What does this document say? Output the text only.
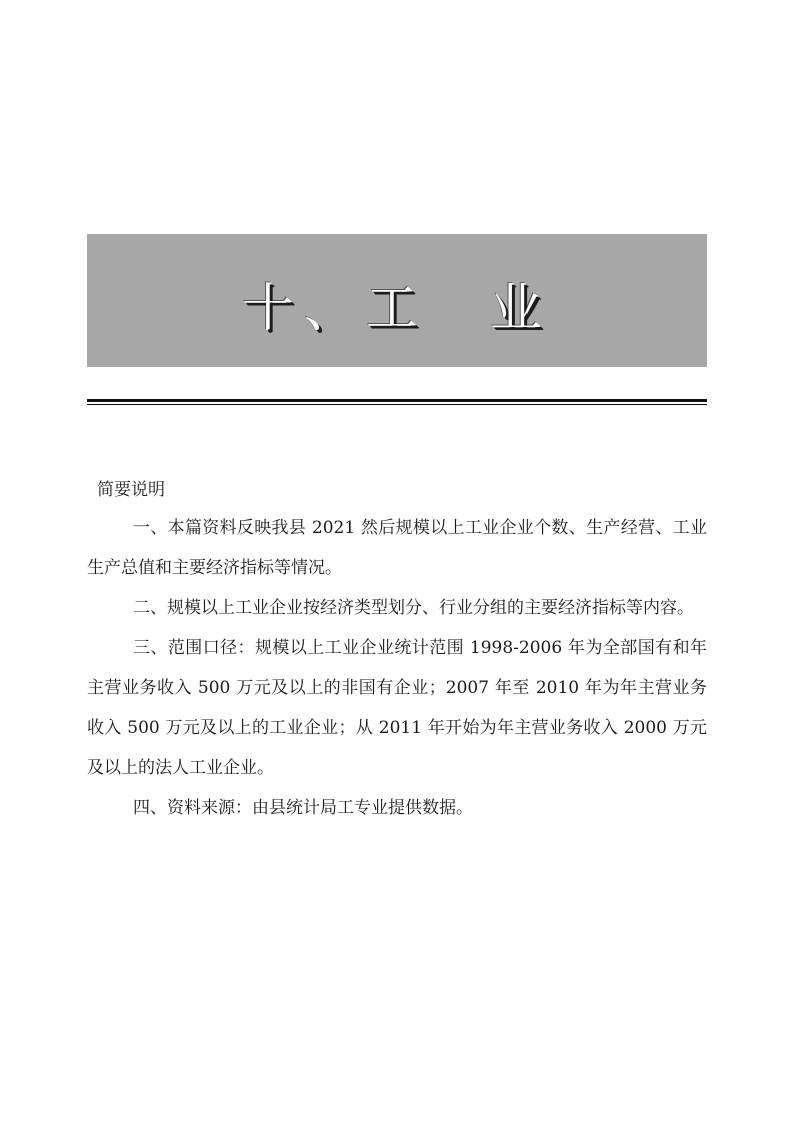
十、工　业

简要说明

一、本篇资料反映我县 2021 然后规模以上工业企业个数、生产经营、工业生产总值和主要经济指标等情况。

二、规模以上工业企业按经济类型划分、行业分组的主要经济指标等内容。

三、范围口径：规模以上工业企业统计范围 1998-2006 年为全部国有和年主营业务收入 500 万元及以上的非国有企业；2007 年至 2010 年为年主营业务收入 500 万元及以上的工业企业；从 2011 年开始为年主营业务收入 2000 万元及以上的法人工业企业。

四、资料来源：由县统计局工专业提供数据。
